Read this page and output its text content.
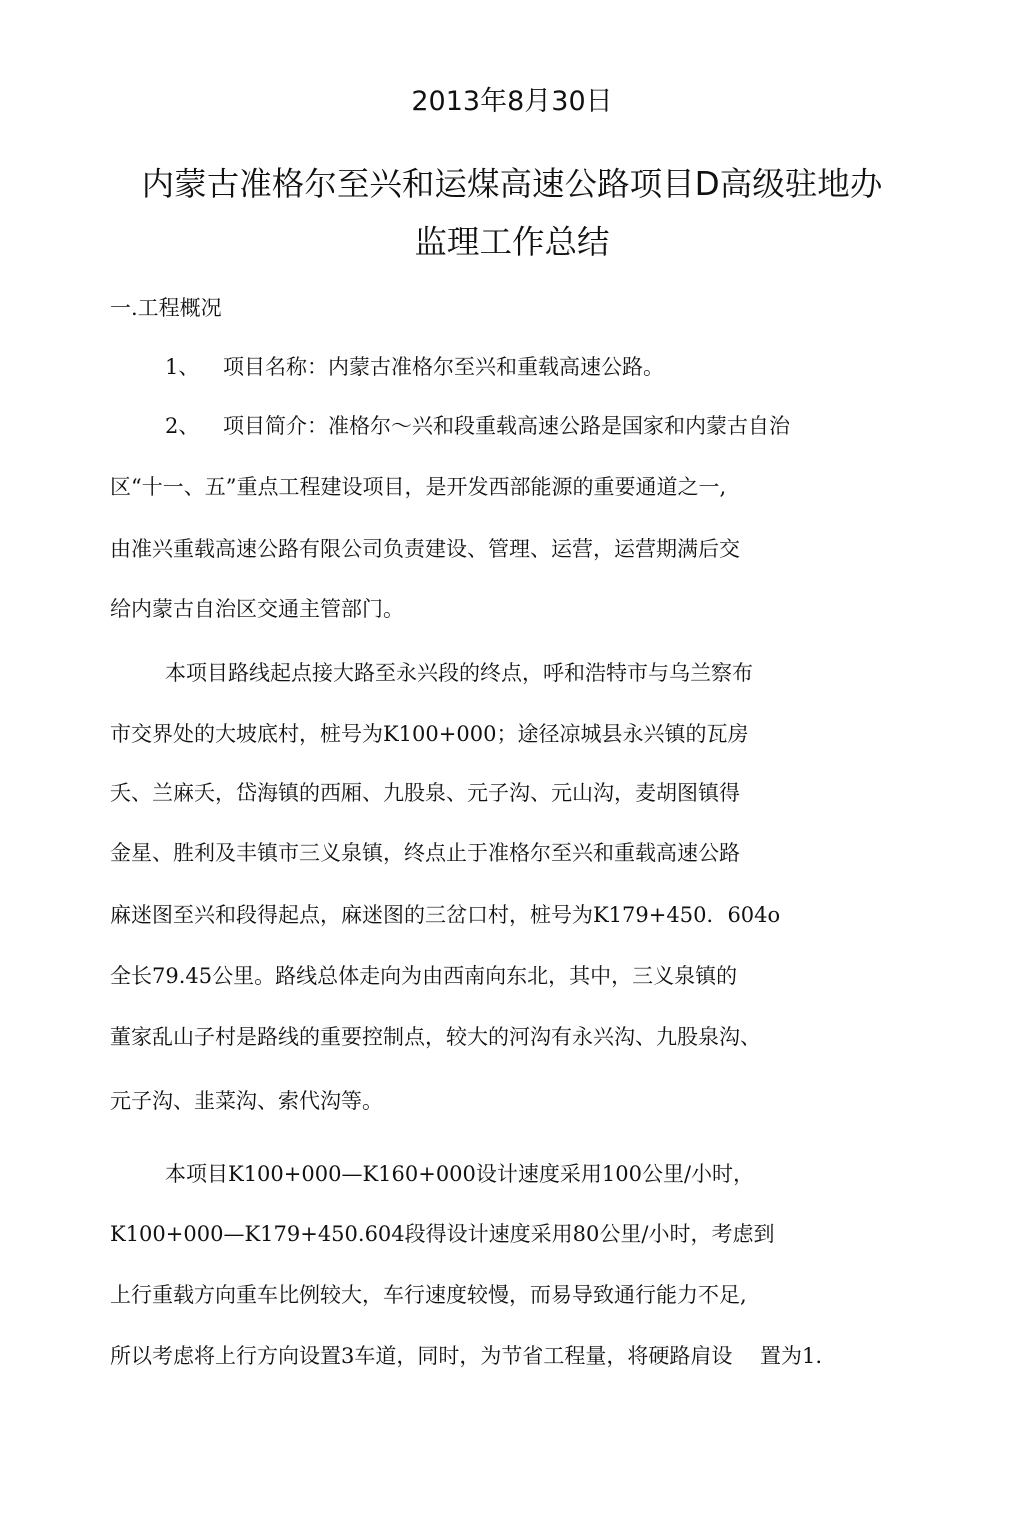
2013年8月30日
内蒙古准格尔至兴和运煤高速公路项目D高级驻地办
监理工作总结
一.工程概况
1、 项目名称：内蒙古准格尔至兴和重载高速公路。
2、 项目简介：准格尔～兴和段重载高速公路是国家和内蒙古自治
区“十一、五”重点工程建设项目，是开发西部能源的重要通道之一,
由准兴重载高速公路有限公司负责建设、管理、运营，运营期满后交
给内蒙古自治区交通主管部门。
本项目路线起点接大路至永兴段的终点，呼和浩特市与乌兰察布
市交界处的大坡底村，桩号为K100+000；途径凉城县永兴镇的瓦房
夭、兰麻夭，岱海镇的西厢、九股泉、元子沟、元山沟，麦胡图镇得
金星、胜利及丰镇市三义泉镇，终点止于准格尔至兴和重载高速公路
麻迷图至兴和段得起点，麻迷图的三岔口村，桩号为K179+450．604o
全长79.45公里。路线总体走向为由西南向东北，其中，三义泉镇的
董家乱山子村是路线的重要控制点，较大的河沟有永兴沟、九股泉沟、
元子沟、韭菜沟、索代沟等。
本项目K100+000—K160+000设计速度采用100公里/小时，
K100+000—K179+450.604段得设计速度采用80公里/小时，考虑到
上行重载方向重车比例较大，车行速度较慢，而易导致通行能力不足,
所以考虑将上行方向设置3车道，同时，为节省工程量，将硬路肩设　 置为1.
